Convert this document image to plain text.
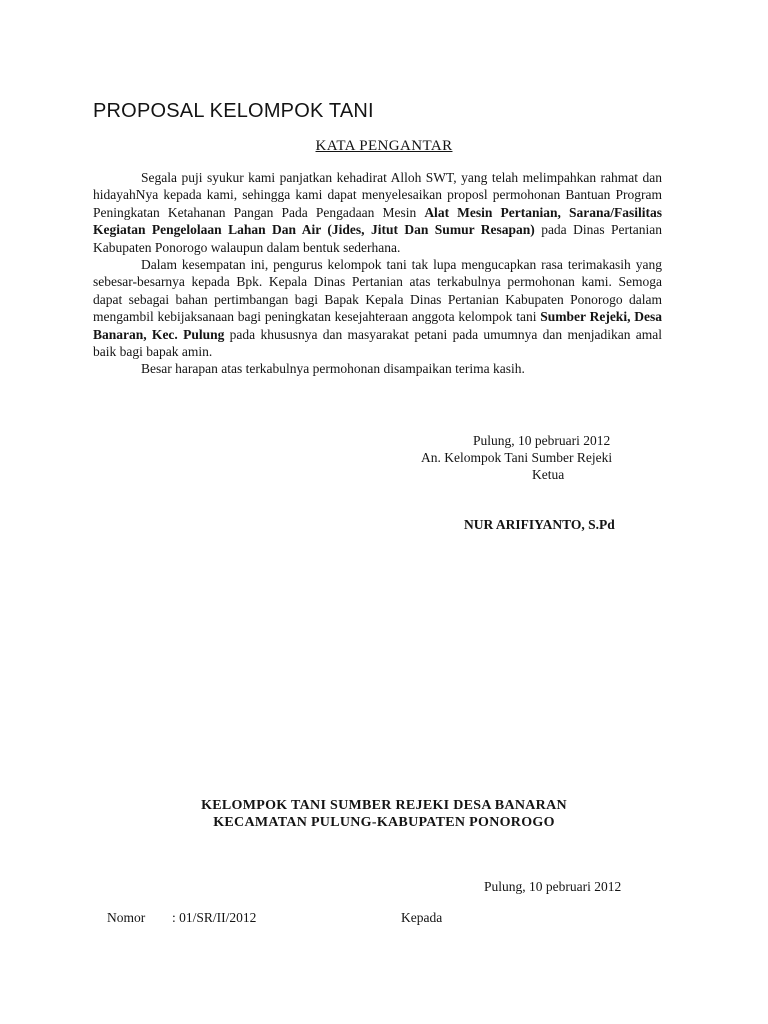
PROPOSAL KELOMPOK TANI
KATA PENGANTAR

Segala puji syukur kami panjatkan kehadirat Alloh SWT, yang telah melimpahkan rahmat dan hidayahNya kepada kami, sehingga kami dapat menyelesaikan proposl permohonan Bantuan Program Peningkatan Ketahanan Pangan Pada Pengadaan Mesin Alat Mesin Pertanian, Sarana/Fasilitas Kegiatan Pengelolaan Lahan Dan Air (Jides, Jitut Dan Sumur Resapan) pada Dinas Pertanian Kabupaten Ponorogo walaupun dalam bentuk sederhana.

Dalam kesempatan ini, pengurus kelompok tani tak lupa mengucapkan rasa terimakasih yang sebesar-besarnya kepada Bpk. Kepala Dinas Pertanian atas terkabulnya permohonan kami. Semoga dapat sebagai bahan pertimbangan bagi Bapak Kepala Dinas Pertanian Kabupaten Ponorogo dalam mengambil kebijaksanaan bagi peningkatan kesejahteraan anggota kelompok tani Sumber Rejeki, Desa Banaran, Kec. Pulung pada khususnya dan masyarakat petani pada umumnya dan menjadikan amal baik bagi bapak amin.

Besar harapan atas terkabulnya permohonan disampaikan terima kasih.

Pulung, 10 pebruari 2012

An. Kelompok Tani Sumber Rejeki

Ketua

NUR ARIFIYANTO, S.Pd

KELOMPOK TANI SUMBER REJEKI DESA BANARAN

KECAMATAN PULUNG-KABUPATEN PONOROGO

Pulung, 10 pebruari 2012

Nomor : 01/SR/II/2012	Kepada
